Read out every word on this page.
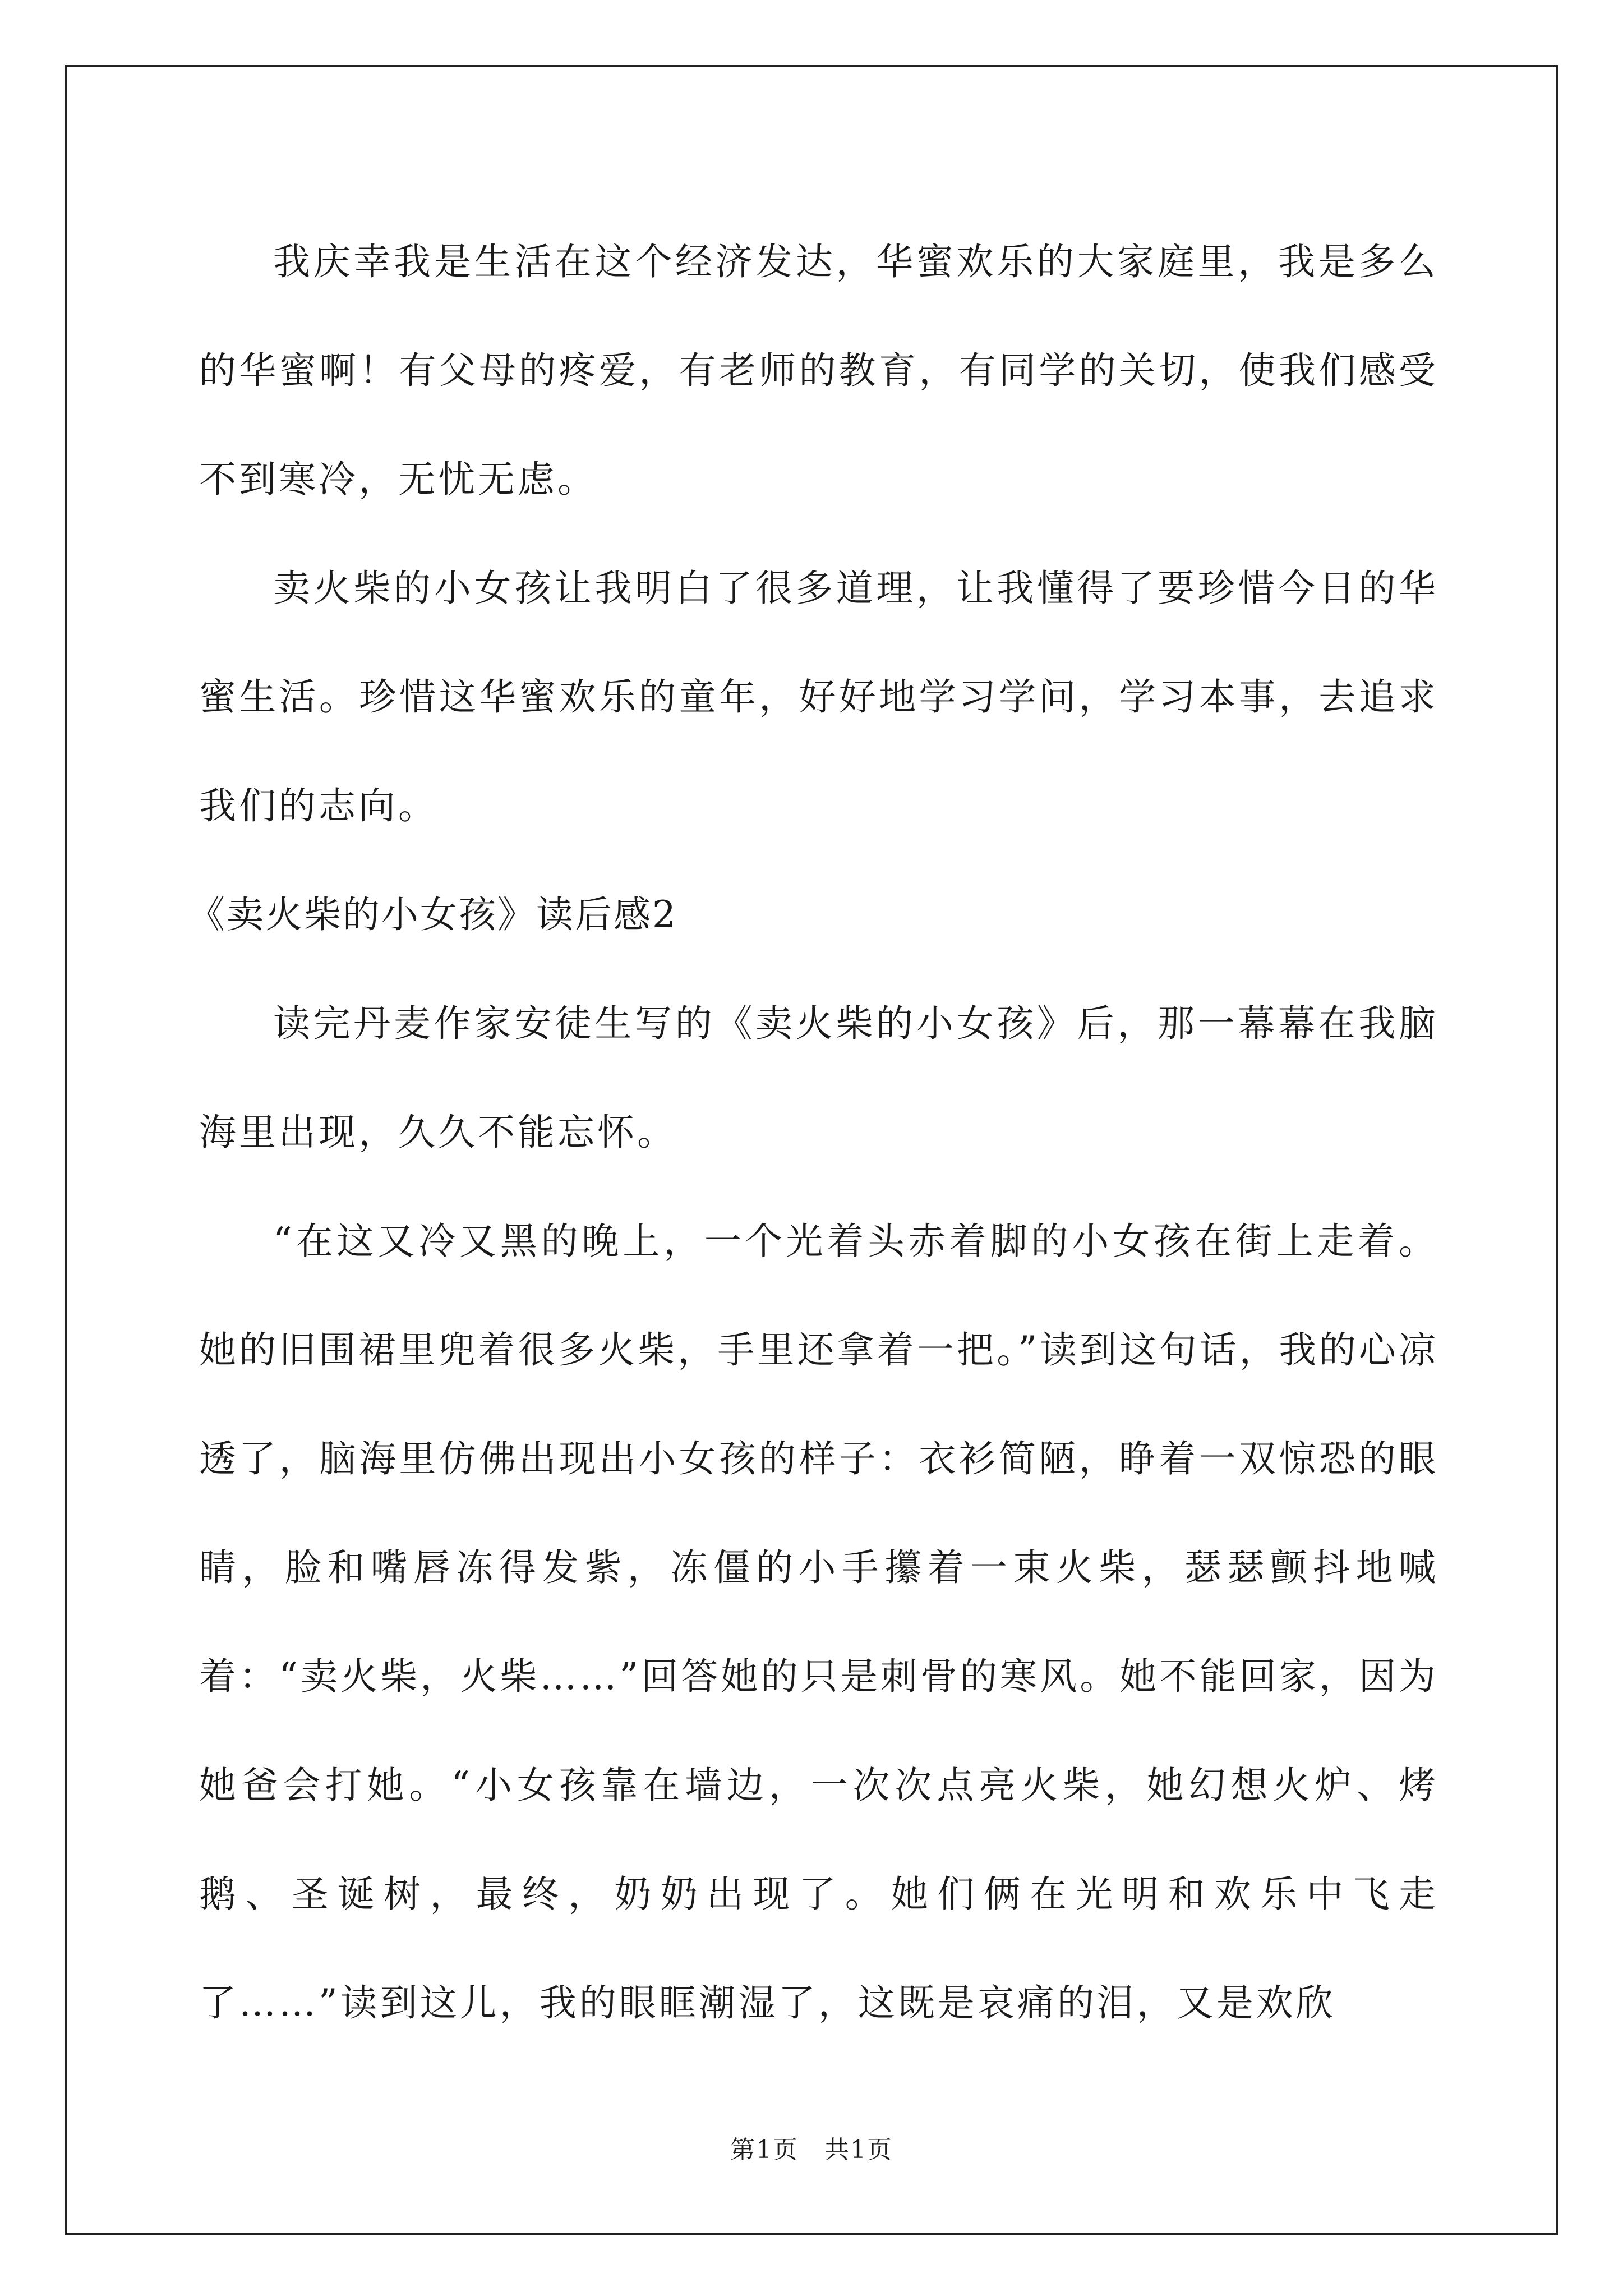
我庆幸我是生活在这个经济发达，华蜜欢乐的大家庭里，我是多么的华蜜啊！有父母的疼爱，有老师的教育，有同学的关切，使我们感受不到寒冷，无忧无虑。

卖火柴的小女孩让我明白了很多道理，让我懂得了要珍惜今日的华蜜生活。珍惜这华蜜欢乐的童年，好好地学习学问，学习本事，去追求我们的志向。

《卖火柴的小女孩》读后感2

读完丹麦作家安徒生写的《卖火柴的小女孩》后，那一幕幕在我脑海里出现，久久不能忘怀。

“在这又冷又黑的晚上，一个光着头赤着脚的小女孩在街上走着。她的旧围裙里兜着很多火柴，手里还拿着一把。”读到这句话，我的心凉透了，脑海里仿佛出现出小女孩的样子：衣衫简陋，睁着一双惊恐的眼睛，脸和嘴唇冻得发紫，冻僵的小手攥着一束火柴，瑟瑟颤抖地喊着：“卖火柴，火柴……”回答她的只是刺骨的寒风。她不能回家，因为她爸会打她。“小女孩靠在墙边，一次次点亮火柴，她幻想火炉、烤鹅、圣诞树，最终，奶奶出现了。她们俩在光明和欢乐中飞走了……”读到这儿，我的眼眶潮湿了，这既是哀痛的泪，又是欢欣

第1页　共1页
